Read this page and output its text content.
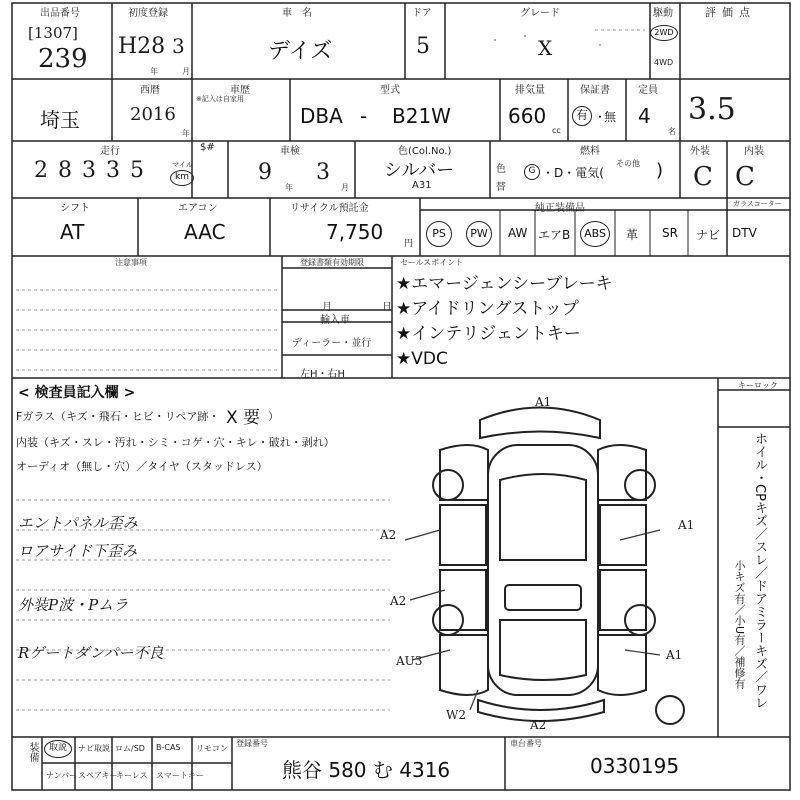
出品番号
[1307]
239
初度登録
H28 3
年	月
車　名
デイズ
ドア
5
グレード
X
駆動
2WD
4WD
評価点
3.5
西暦
2016
年
埼玉
車歴
※記入は自家用
型式
DBA - B21W
排気量
660
cc
保証書
有 ・
無
定員
4
名
走行
2 8 3 3 5	マイル
km
$#	車検
9
年
3
月
色(Col.No.)
シルバー
A31
色
替
燃料
G ・D・電気(
その他 )
外装
C
内装
C
シフト
AT
エアコン
AAC
リサイクル預託金
7,750 円
純正装備品	ガラスコーター
PS	PW	AW エアB	ABS	革 SR ナビ DTV
注意事項	登録書類有効期限
月	日
輸入車
ディーラー・並行
左H・右H
セールスポイント
★エマージェンシーブレーキ
★アイドリングストップ
★インテリジェントキー
★VDC
< 検査員記入欄 >
Fガラス（キズ・飛石・ヒビ・リペア跡・ X 要 ）
内装（キズ・スレ・汚れ・シミ・コゲ・穴・キレ・破れ・剥れ）
オーディオ（無し・穴）／タイヤ（スタッドレス）
エントパネル歪み
ロアサイド下歪み
外装P波・Pムラ
Rゲートダンパー不良
キーロック
ホイル・CPキズ／スレ／ドアミラーキズ／ワレ
小キズ有／小U有／補修有
A1
A1
A2
A2
AU3	A1
W2
A2
装備	取説	ナビ取説 ロム/SD B-CAS リモコン
ナンバー スペアキー
キーレス スマートキー
登録番号
熊谷 580 む 4316
車台番号
0330195
